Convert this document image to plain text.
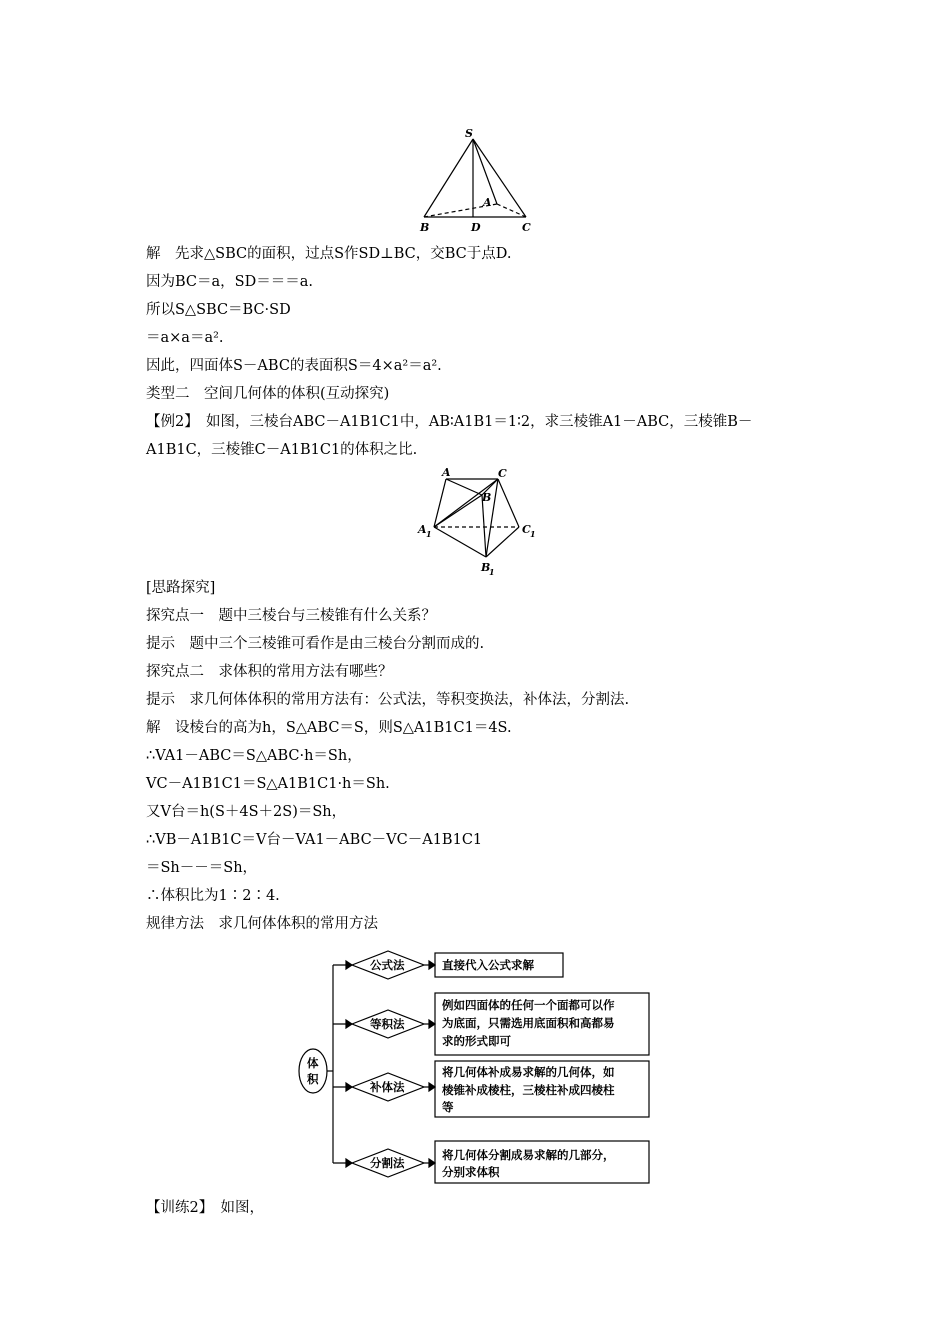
S
A
B	D	C
解　先求△SBC的面积，过点S作SD⊥BC，交BC于点D.
因为BC＝a，SD＝＝＝a.
所以S△SBC＝BC·SD
＝a×a＝a².
因此，四面体S－ABC的表面积S＝4×a²＝a².
类型二　空间几何体的体积(互动探究)
【例2】　如图，三棱台ABC－A1B1C1中，AB∶A1B1＝1∶2，求三棱锥A1－ABC，三棱锥B－
A1B1C，三棱锥C－A1B1C1的体积之比.
A	C
B
A 1	C 1
B
1
[思路探究]
探究点一　题中三棱台与三棱锥有什么关系？
提示　题中三个三棱锥可看作是由三棱台分割而成的.
探究点二　求体积的常用方法有哪些？
提示　求几何体体积的常用方法有：公式法，等积变换法，补体法，分割法.
解　设棱台的高为h，S△ABC＝S，则S△A1B1C1＝4S.
∴VA1－ABC＝S△ABC·h＝Sh，
VC－A1B1C1＝S△A1B1C1·h＝Sh.
又V台＝h(S＋4S＋2S)＝Sh，
∴VB－A1B1C＝V台－VA1－ABC－VC－A1B1C1
＝Sh－－＝Sh，
∴体积比为1∶2∶4.
规律方法　求几何体体积的常用方法
体
积
公式法
等积法
补体法
分割法
直接代入公式求解
例如四面体的任何一个面都可以作
为底面，只需选用底面积和高都易
求的形式即可
将几何体补成易求解的几何体，如
棱锥补成棱柱，三棱柱补成四棱柱
等
将几何体分割成易求解的几部分，
分别求体积
【训练2】　如图，
